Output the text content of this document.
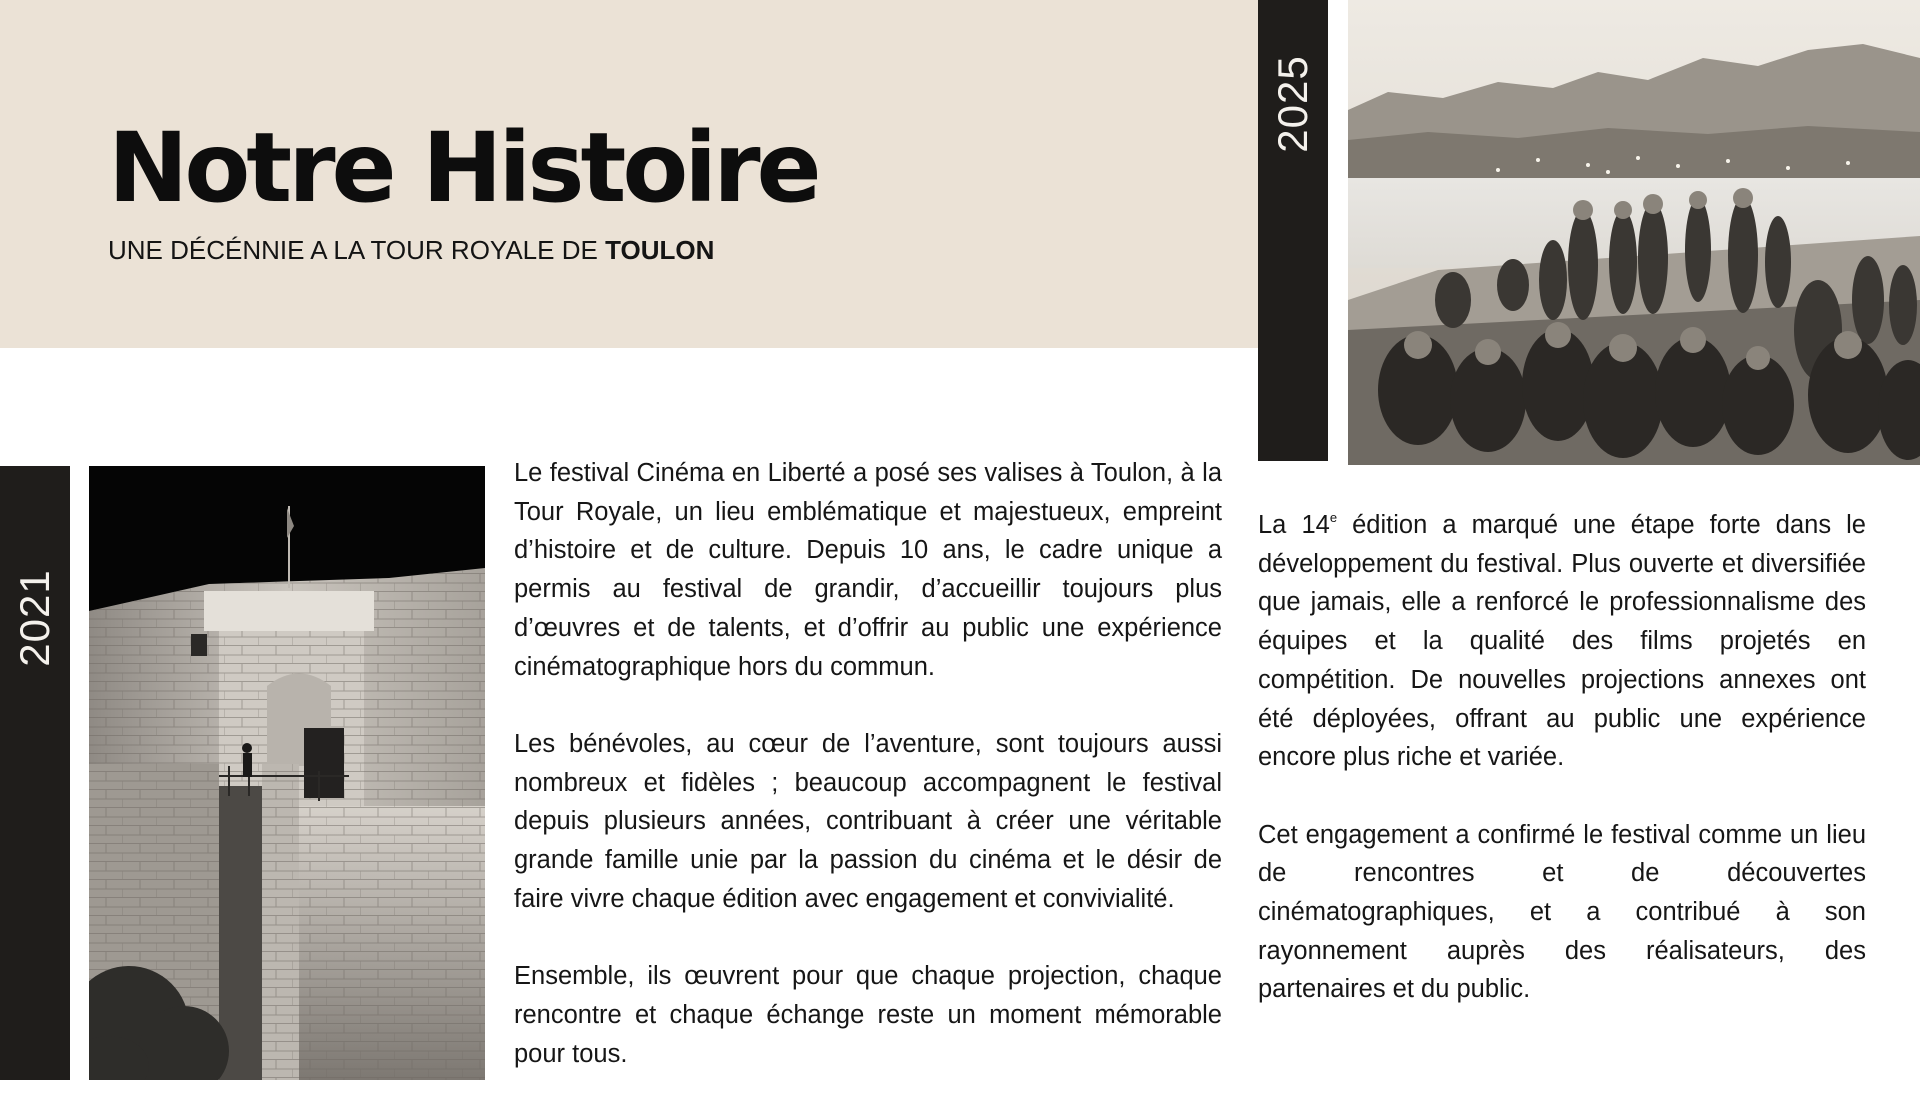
Notre Histoire
UNE DÉCÉNNIE A LA TOUR ROYALE DE TOULON
2025
2021

Le festival Cinéma en Liberté a posé ses valises à Toulon, à la Tour Royale, un lieu emblématique et majestueux, empreint d’histoire et de culture. Depuis 10 ans, le cadre unique a permis au festival de grandir, d’accueillir toujours plus d’œuvres et de talents, et d’offrir au public une expérience cinématographique hors du commun.

Les bénévoles, au cœur de l’aventure, sont toujours aussi nombreux et fidèles ; beaucoup accompagnent le festival depuis plusieurs années, contribuant à créer une véritable grande famille unie par la passion du cinéma et le désir de faire vivre chaque édition avec engagement et convivialité.

Ensemble, ils œuvrent pour que chaque projection, chaque rencontre et chaque échange reste un moment mémorable pour tous.

La 14e édition a marqué une étape forte dans le développement du festival. Plus ouverte et diversifiée que jamais, elle a renforcé le professionnalisme des équipes et la qualité des films projetés en compétition. De nouvelles projections annexes ont été déployées, offrant au public une expérience encore plus riche et variée.

Cet engagement a confirmé le festival comme un lieu de rencontres et de découvertes cinématographiques, et a contribué à son rayonnement auprès des réalisateurs, des partenaires et du public.
